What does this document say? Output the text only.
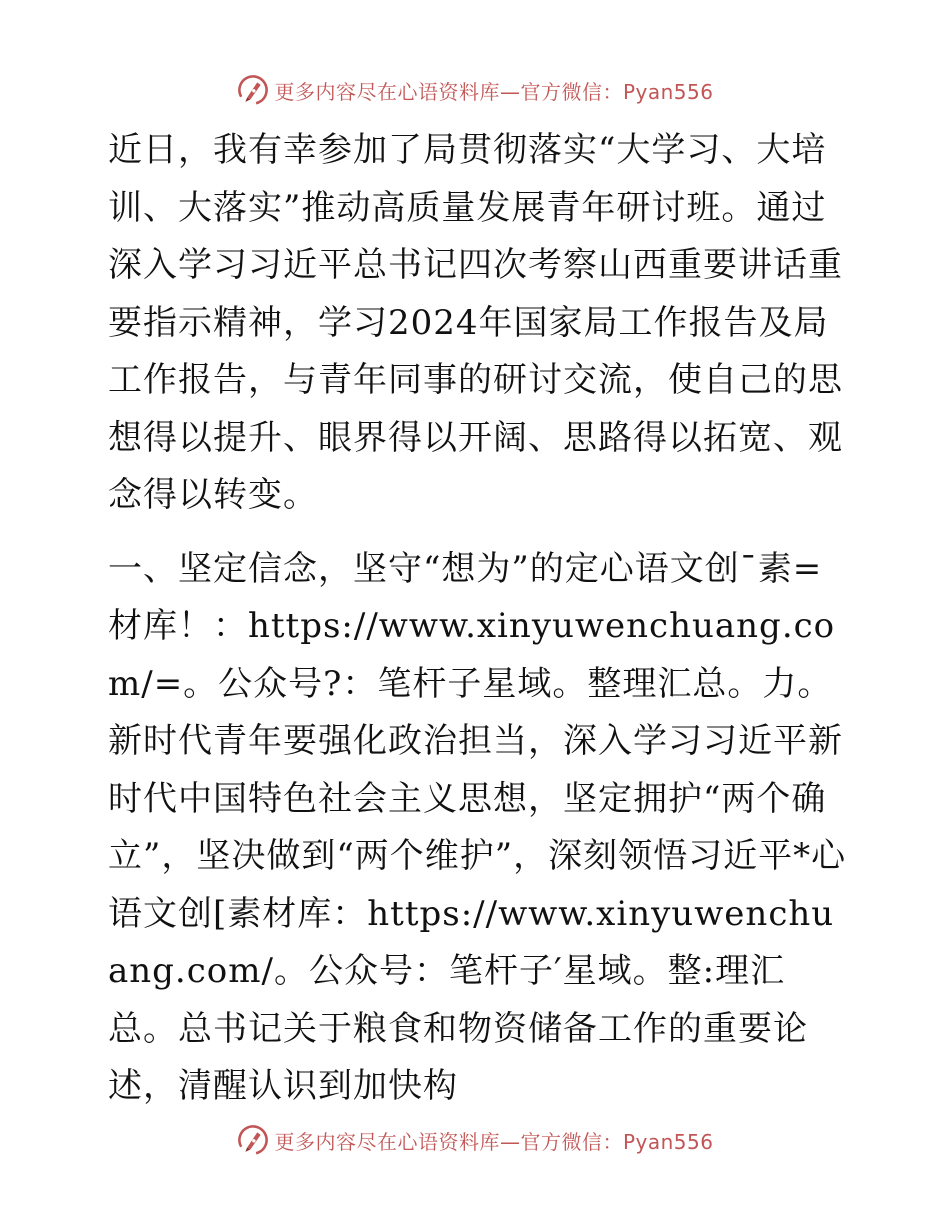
更多内容尽在心语资料库—官方微信：Pyan556

近日，我有幸参加了局贯彻落实“大学习、大培训、大落实”推动高质量发展青年研讨班。通过深入学习习近平总书记四次考察山西重要讲话重要指示精神，学习2024年国家局工作报告及局工作报告，与青年同事的研讨交流，使自己的思想得以提升、眼界得以开阔、思路得以拓宽、观念得以转变。

一、坚定信念，坚守“想为”的定心语文创¯素=材库！：https://www.xinyuwenchuang.com/=。公众号?：笔杆子星域。整理汇总。力。新时代青年要强化政治担当，深入学习习近平新时代中国特色社会主义思想，坚定拥护“两个确立”，坚决做到“两个维护”，深刻领悟习近平*心语文创[素材库：https://www.xinyuwenchuang.com/。公众号：笔杆子′星域。整:理汇总。总书记关于粮食和物资储备工作的重要论述，清醒认识到加快构

更多内容尽在心语资料库—官方微信：Pyan556
